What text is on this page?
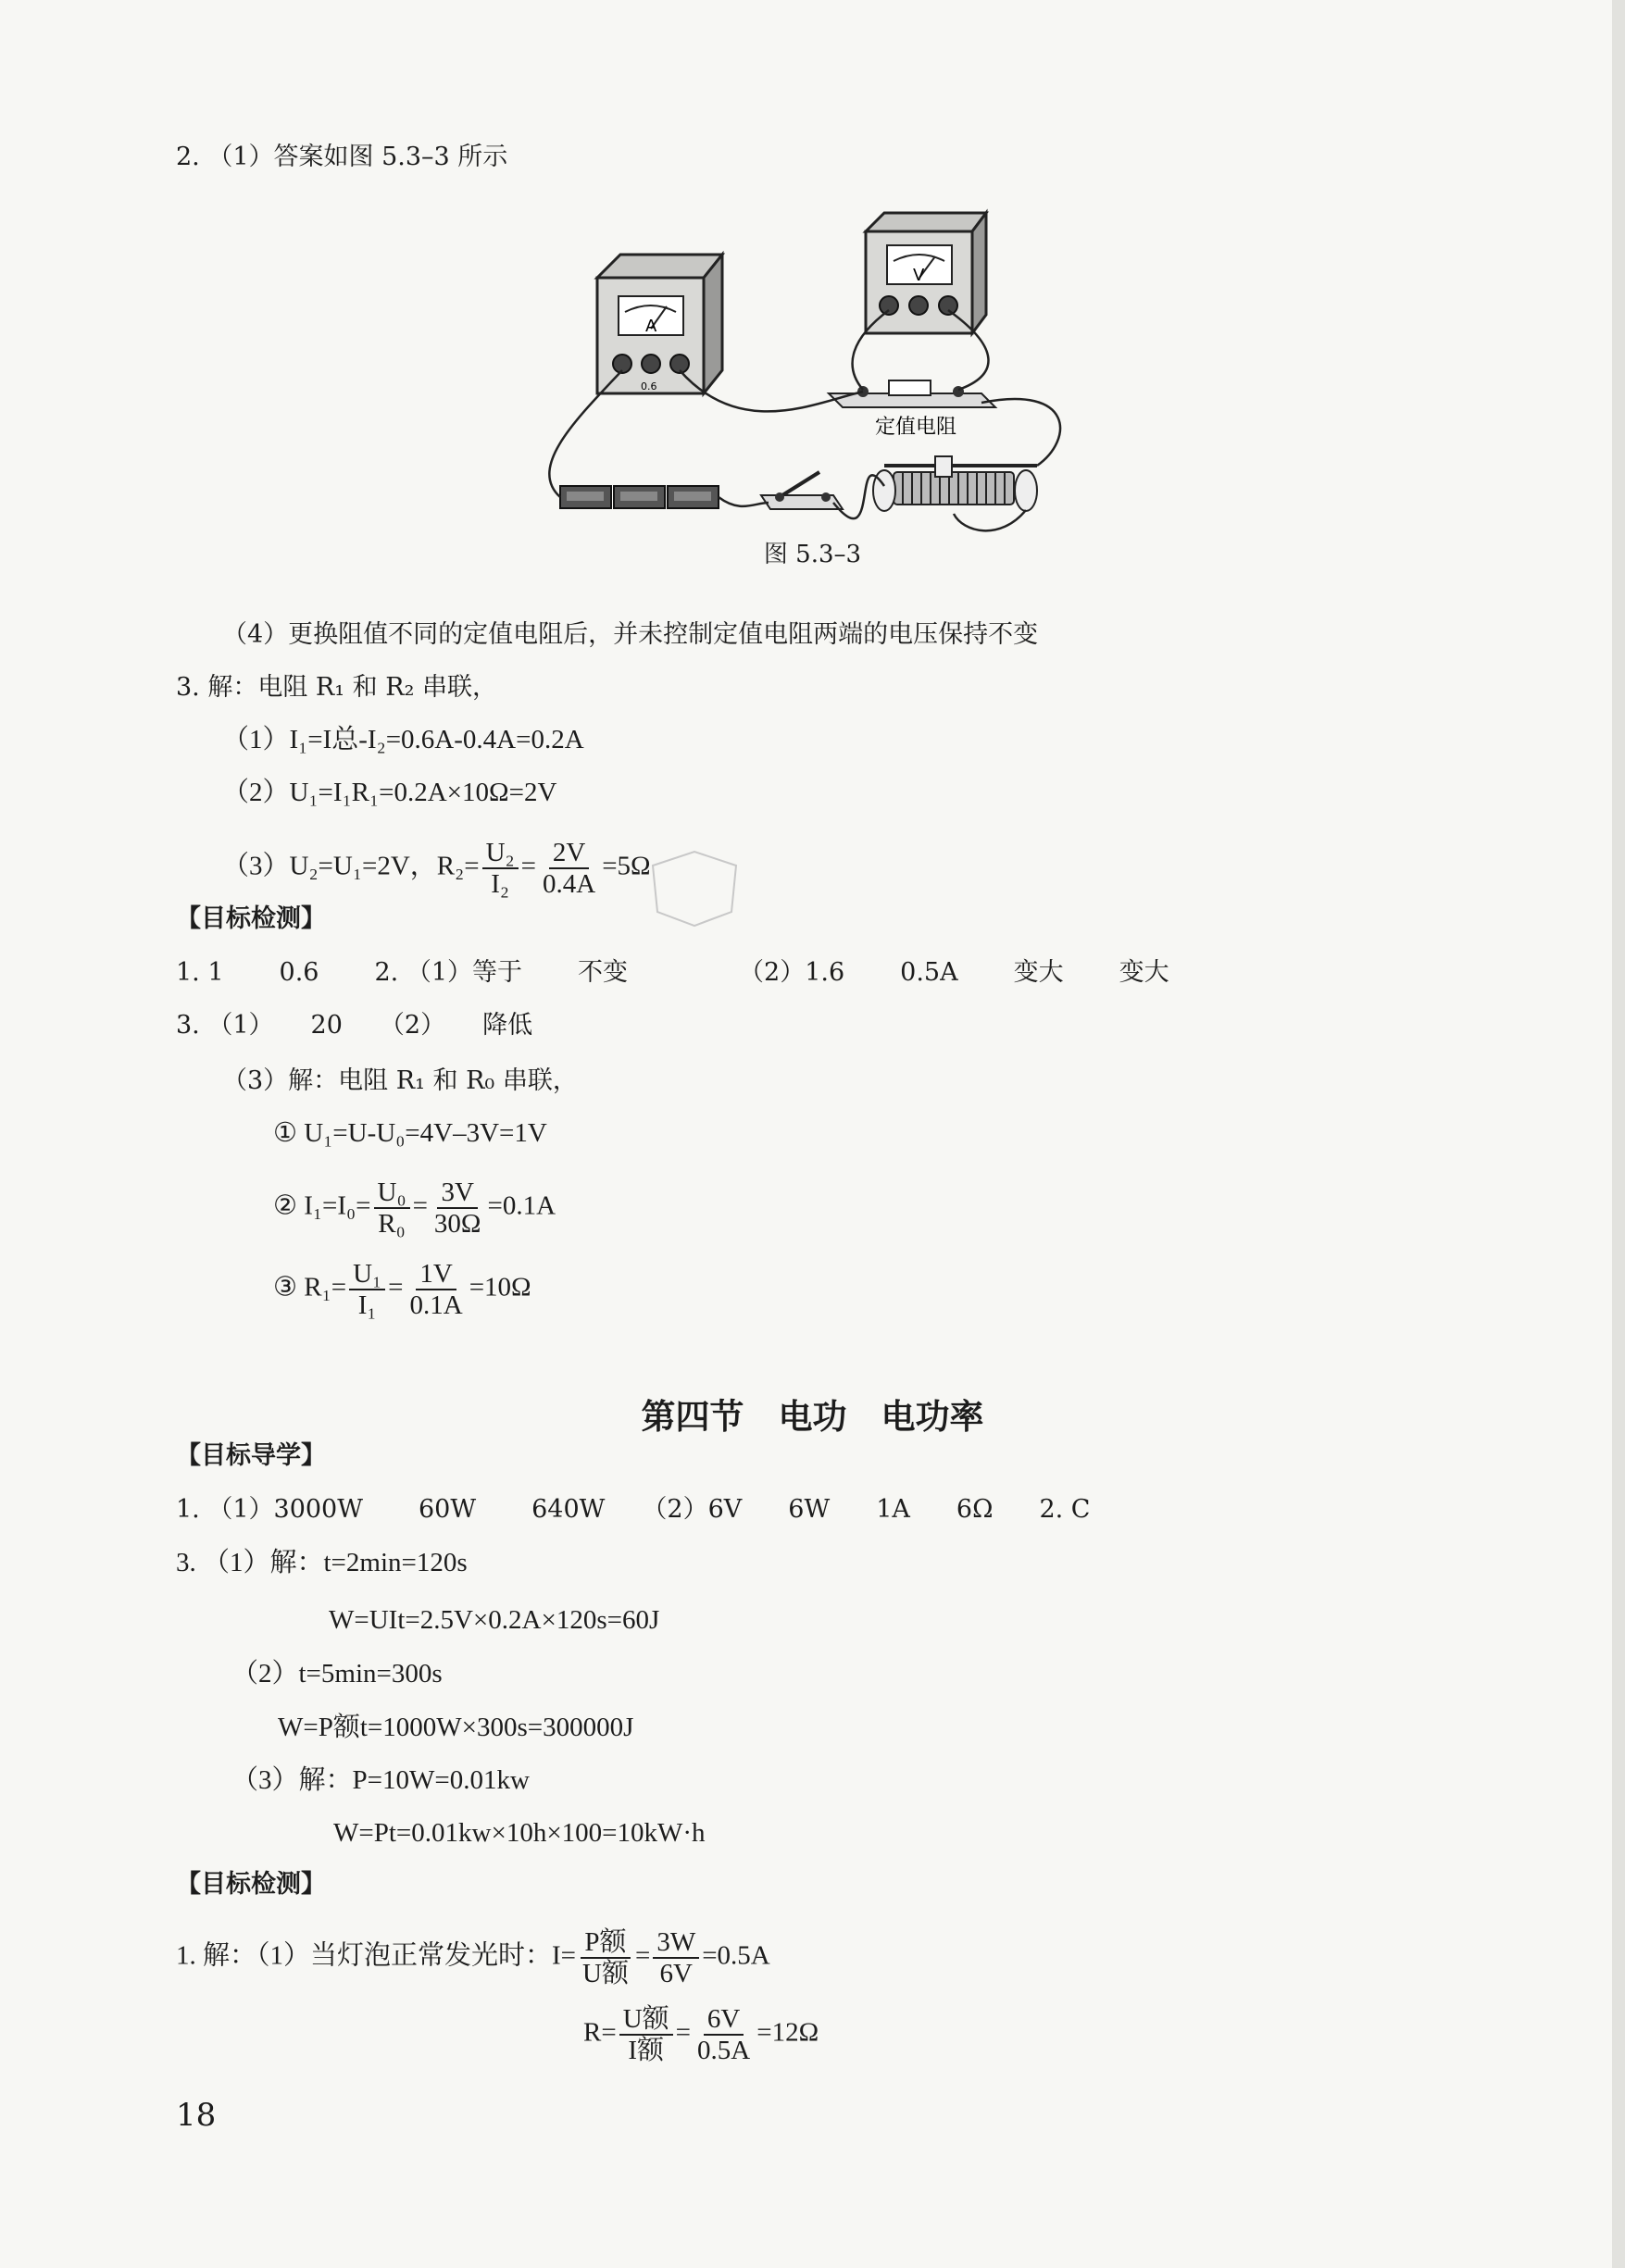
2. （1）答案如图 5.3–3 所示
A
0.6
V
定值电阻
图 5.3–3
（4）更换阻值不同的定值电阻后，并未控制定值电阻两端的电压保持不变
3. 解：电阻 R₁ 和 R₂ 串联，
（1）I₁=I总-I₂=0.6A-0.4A=0.2A
（2）U₁=I₁R₁=0.2A×10Ω=2V
（3）U₂=U₁=2V，$R_2= \frac{\text{U₂}}{\text{I₂}} = \frac{2V}{0.4A} =5\Omega$
【目标检测】
1. 1 0.6 2. （1）等于 不变	（2）1.6 0.5A 变大 变大
3. （1） 20 （2） 降低
（3）解：电阻 R₁ 和 R₀ 串联，
① U₁=U-U₀=4V–3V=1V
② $I_1=I_0= \frac{\text{U₀}}{\text{R₀}} = \frac{3V}{30\Omega} =0.1A$
③ $R_1= \frac{\text{U₁}}{\text{I₁}} = \frac{1V}{0.1A} =10\Omega$
第四节　电功　电功率
【目标导学】
1. （1）3000W 60W 640W （2）6V 6W 1A 6Ω 2. C
3. （1）解：t=2min=120s
W=UIt=2.5V×0.2A×120s=60J
（2）t=5min=300s
W=P额t=1000W×300s=300000J
（3）解：P=10W=0.01kw
W=Pt=0.01kw×10h×100=10kW·h
【目标检测】
1. 解：（1）当灯泡正常发光时：$I= \frac{\text{P额}}{\text{U额}} = \frac{3W}{6V} =0.5A$
$R= \frac{\text{U额}}{\text{I额}} = \frac{6V}{0.5A} =12\Omega$
18
